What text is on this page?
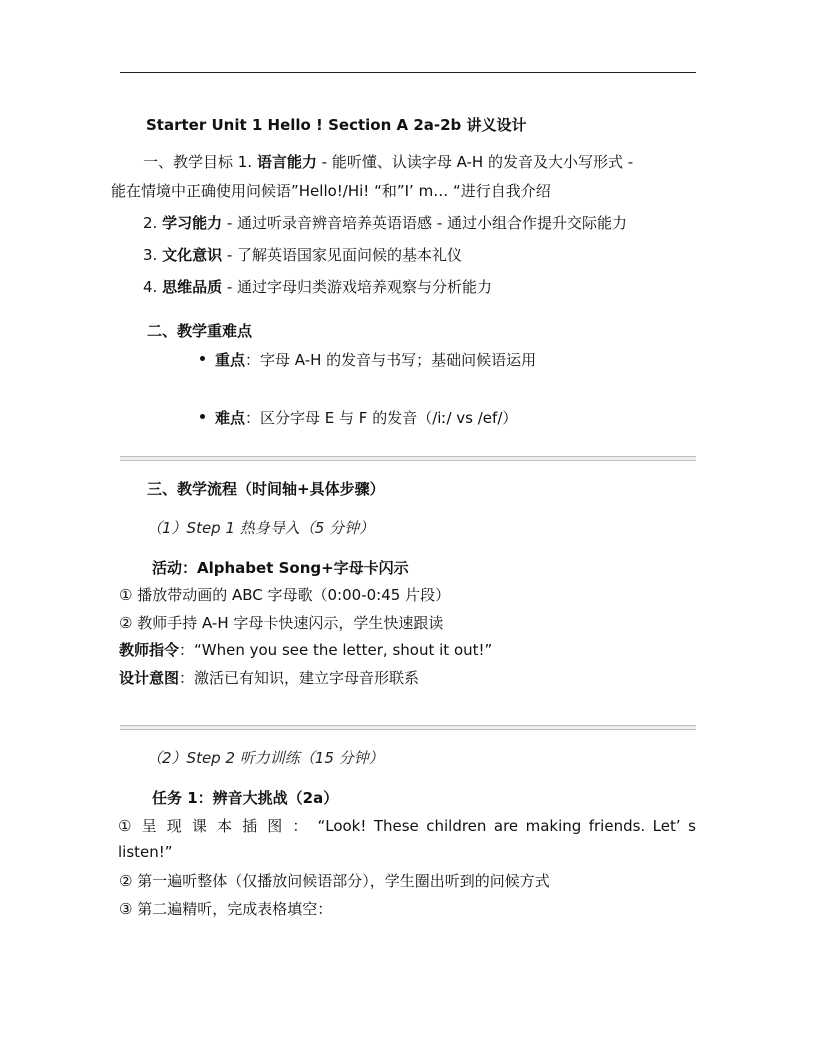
Starter Unit 1 Hello ! Section A 2a-2b 讲义设计
一、教学目标 1. 语言能力 - 能听懂、认读字母 A-H 的发音及大小写形式 -
能在情境中正确使用问候语”Hello!/Hi! “和”I’ m… “进行自我介绍
2. 学习能力 - 通过听录音辨音培养英语语感 - 通过小组合作提升交际能力
3. 文化意识 - 了解英语国家见面问候的基本礼仪
4. 思维品质 - 通过字母归类游戏培养观察与分析能力
二、教学重难点
重点：字母 A-H 的发音与书写；基础问候语运用
难点：区分字母 E 与 F 的发音（/iː/ vs /ef/）
三、教学流程（时间轴+具体步骤）
（1）Step 1 热身导入（5 分钟）
活动：Alphabet Song+字母卡闪示
① 播放带动画的 ABC 字母歌（0:00-0:45 片段）
② 教师手持 A-H 字母卡快速闪示，学生快速跟读
教师指令：“When you see the letter, shout it out!”
设计意图：激活已有知识，建立字母音形联系
（2）Step 2 听力训练（15 分钟）
任务 1：辨音大挑战（2a）
① 呈 现 课 本 插 图 ： “Look! These children are making friends. Let’ s
listen!”
② 第一遍听整体（仅播放问候语部分），学生圈出听到的问候方式
③ 第二遍精听，完成表格填空：
